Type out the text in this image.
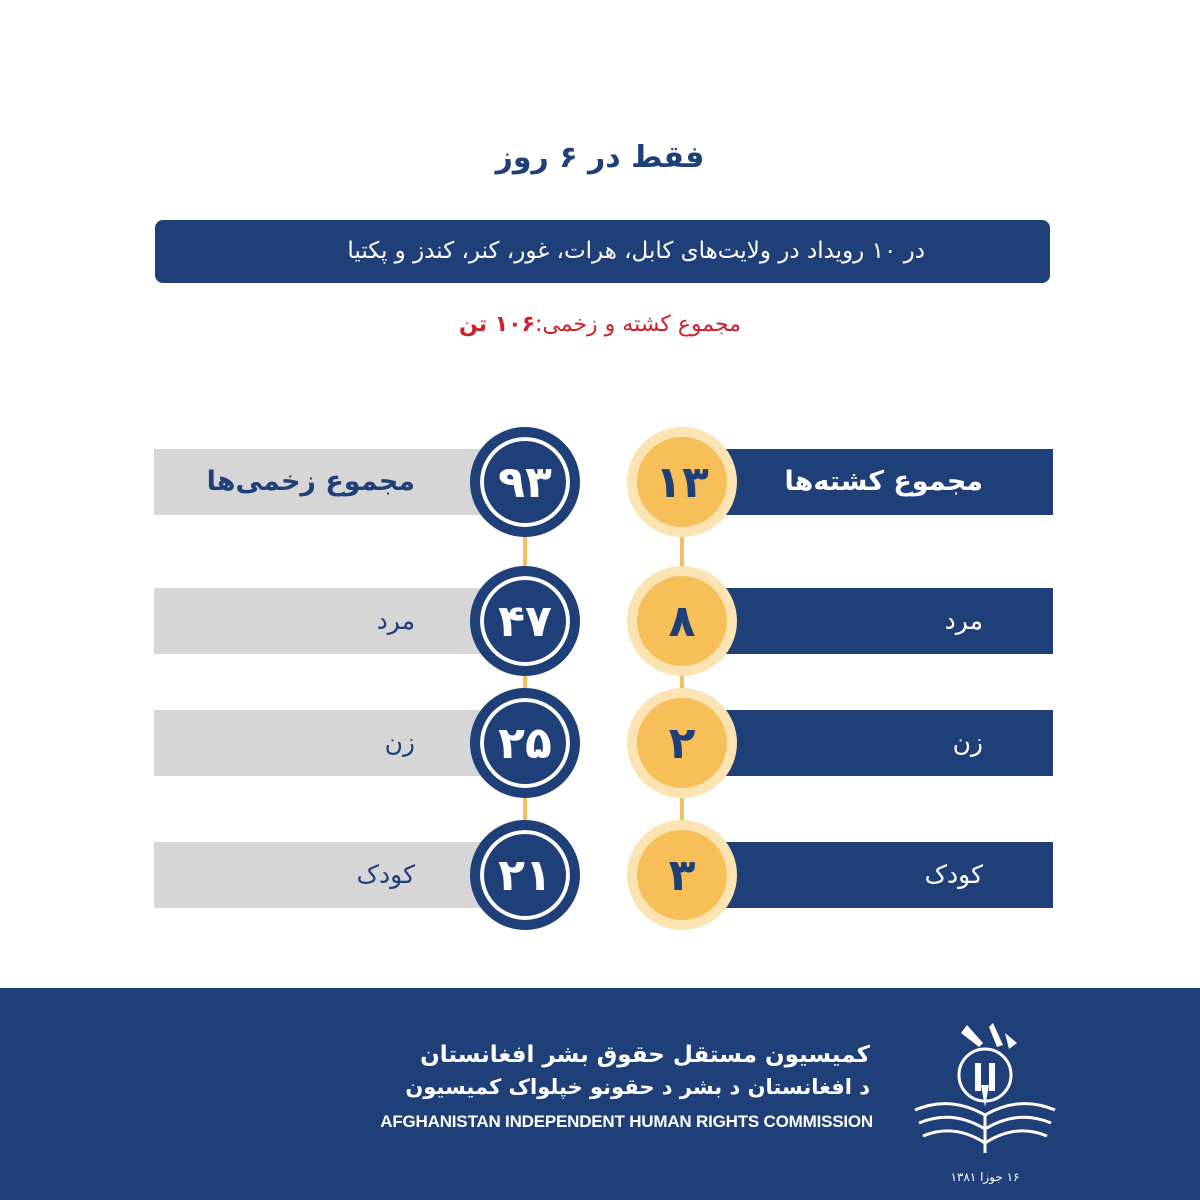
فقط در ۶ روز
در ۱۰ رویداد در ولایت‌های کابل، هرات، غور، کنر، کندز و پکتیا
مجموع کشته و زخمی:۱۰۶ تن
مجموع کشته‌ها
مرد
زن
کودک
۱۳
۸
۲
۳
مجموع زخمی‌ها
مرد
زن
کودک
۹۳
۴۷
۲۵
۲۱
کمیسیون مستقل حقوق بشر افغانستان
د افغانستان د بشر د حقونو خپلواک کمیسیون
AFGHANISTAN INDEPENDENT HUMAN RIGHTS COMMISSION
۱۶ جوزا ۱۳۸۱
